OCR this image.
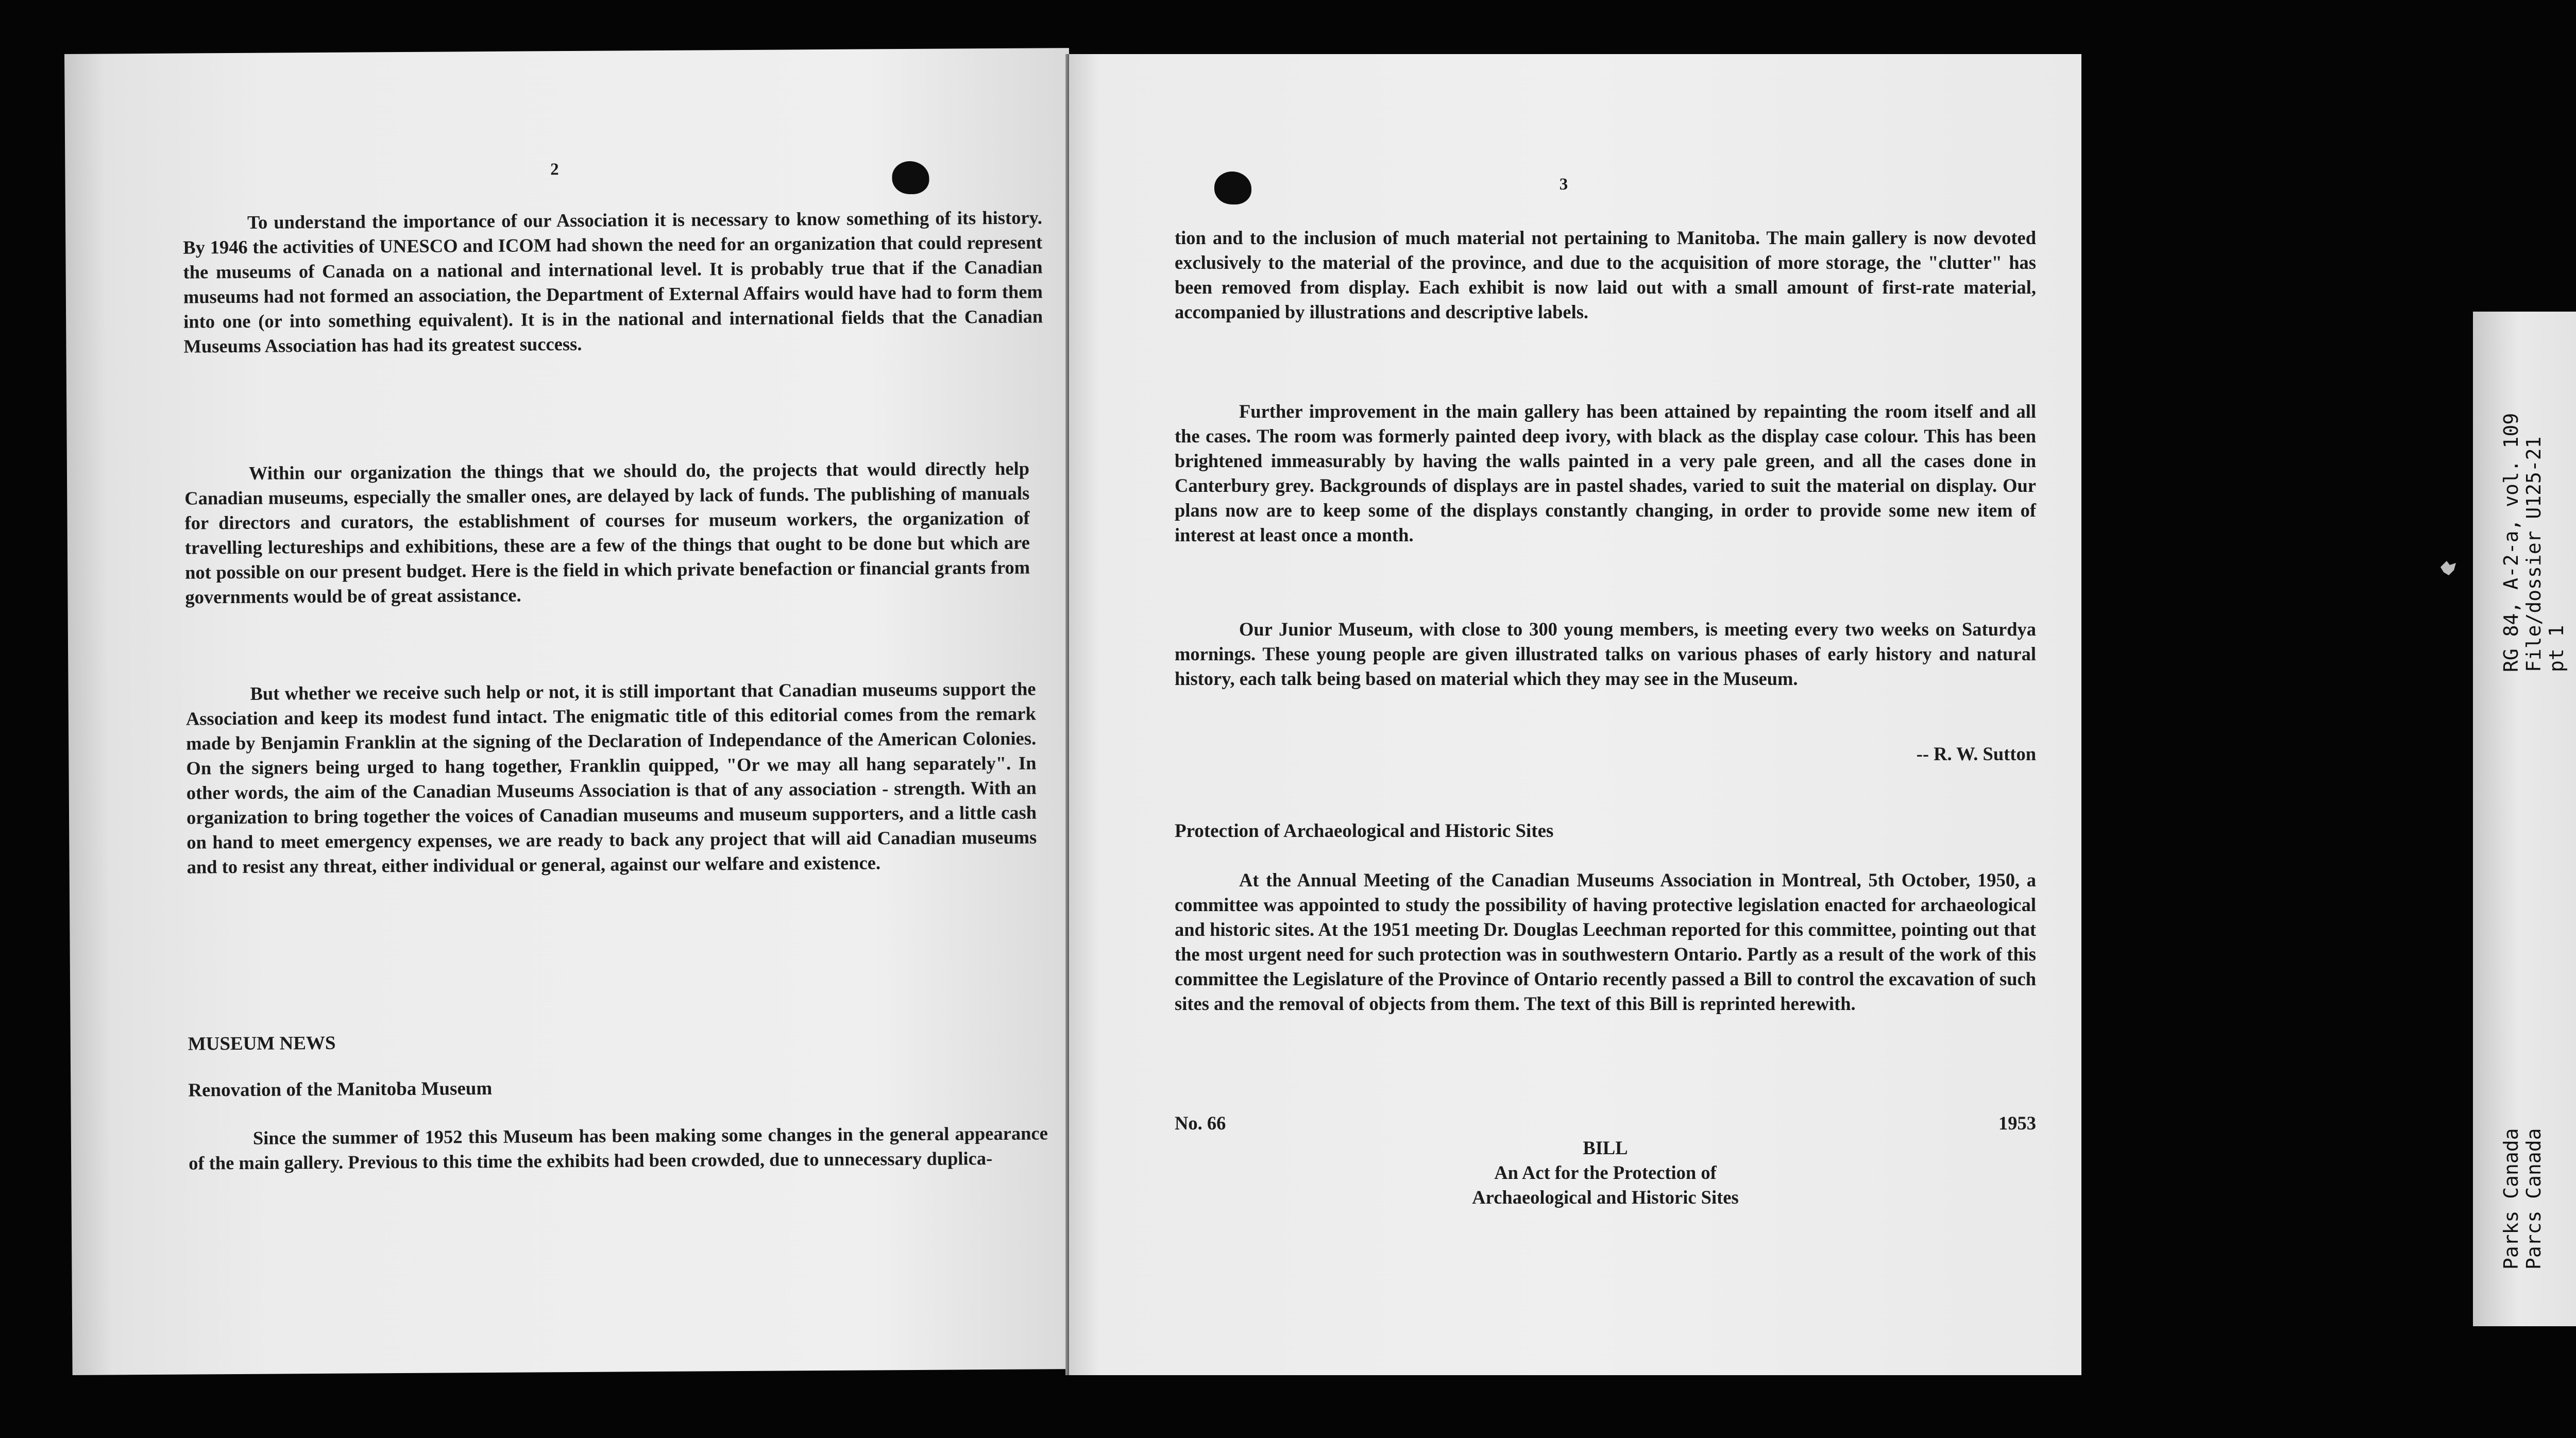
2

To understand the importance of our Association it is necessary to know something of its history. By 1946 the activities of UNESCO and ICOM had shown the need for an organization that could represent the museums of Canada on a national and international level. It is probably true that if the Canadian museums had not formed an association, the Department of External Affairs would have had to form them into one (or into something equivalent). It is in the national and international fields that the Canadian Museums Association has had its greatest success.

Within our organization the things that we should do, the projects that would directly help Canadian museums, especially the smaller ones, are delayed by lack of funds. The publishing of manuals for directors and curators, the establishment of courses for museum workers, the organization of travelling lectureships and exhibitions, these are a few of the things that ought to be done but which are not possible on our present budget. Here is the field in which private benefaction or financial grants from governments would be of great assistance.

But whether we receive such help or not, it is still important that Canadian museums support the Association and keep its modest fund intact. The enigmatic title of this editorial comes from the remark made by Benjamin Franklin at the signing of the Declaration of Independance of the American Colonies. On the signers being urged to hang together, Franklin quipped, "Or we may all hang separately". In other words, the aim of the Canadian Museums Association is that of any association - strength. With an organization to bring together the voices of Canadian museums and museum supporters, and a little cash on hand to meet emergency expenses, we are ready to back any project that will aid Canadian museums and to resist any threat, either individual or general, against our welfare and existence.

MUSEUM NEWS

Renovation of the Manitoba Museum

Since the summer of 1952 this Museum has been making some changes in the general appearance of the main gallery. Previous to this time the exhibits had been crowded, due to unnecessary duplica-

3

tion and to the inclusion of much material not pertaining to Manitoba. The main gallery is now devoted exclusively to the material of the province, and due to the acquisition of more storage, the "clutter" has been removed from display. Each exhibit is now laid out with a small amount of first-rate material, accompanied by illustrations and descriptive labels.

Further improvement in the main gallery has been attained by repainting the room itself and all the cases. The room was formerly painted deep ivory, with black as the display case colour. This has been brightened immeasurably by having the walls painted in a very pale green, and all the cases done in Canterbury grey. Backgrounds of displays are in pastel shades, varied to suit the material on display. Our plans now are to keep some of the displays constantly changing, in order to provide some new item of interest at least once a month.

Our Junior Museum, with close to 300 young members, is meeting every two weeks on Saturdya mornings. These young people are given illustrated talks on various phases of early history and natural history, each talk being based on material which they may see in the Museum.

-- R. W. Sutton

Protection of Archaeological and Historic Sites

At the Annual Meeting of the Canadian Museums Association in Montreal, 5th October, 1950, a committee was appointed to study the possibility of having protective legislation enacted for archaeological and historic sites. At the 1951 meeting Dr. Douglas Leechman reported for this committee, pointing out that the most urgent need for such protection was in southwestern Ontario. Partly as a result of the work of this committee the Legislature of the Province of Ontario recently passed a Bill to control the excavation of such sites and the removal of objects from them. The text of this Bill is reprinted herewith.

No. 66	1953
BILL
An Act for the Protection of
Archaeological and Historic Sites
RG 84, A-2-a, vol. 109 File/dossier U125-21 pt 1
Parks Canada Parcs Canada
